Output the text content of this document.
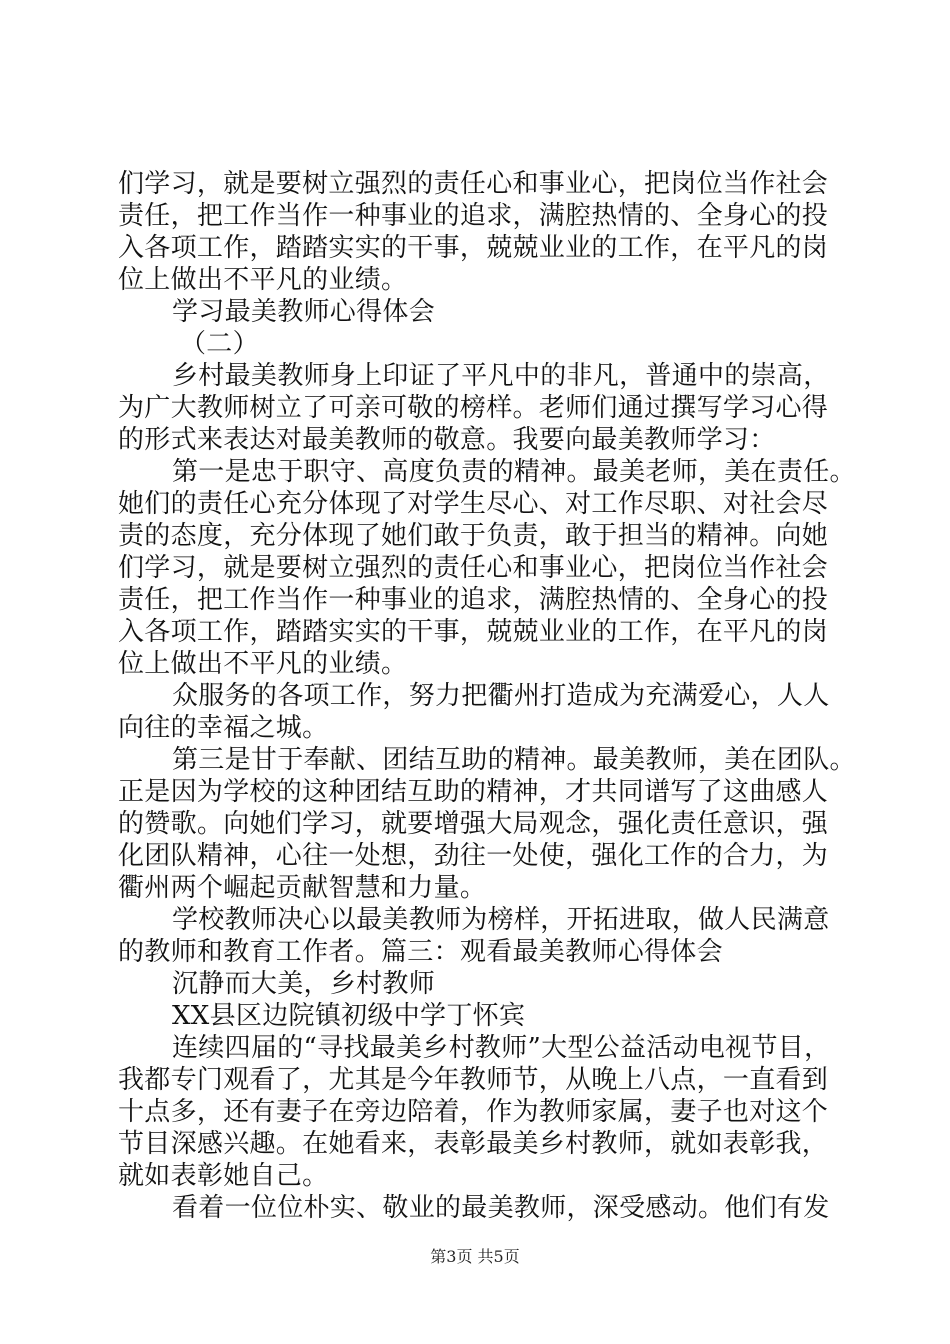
们学习，就是要树立强烈的责任心和事业心，把岗位当作社会
责任，把工作当作一种事业的追求，满腔热情的、全身心的投
入各项工作，踏踏实实的干事，兢兢业业的工作，在平凡的岗
位上做出不平凡的业绩。
学习最美教师心得体会
（二）
乡村最美教师身上印证了平凡中的非凡，普通中的崇高，
为广大教师树立了可亲可敬的榜样。老师们通过撰写学习心得
的形式来表达对最美教师的敬意。我要向最美教师学习：
第一是忠于职守、高度负责的精神。最美老师，美在责任。
她们的责任心充分体现了对学生尽心、对工作尽职、对社会尽
责的态度，充分体现了她们敢于负责，敢于担当的精神。向她
们学习，就是要树立强烈的责任心和事业心，把岗位当作社会
责任，把工作当作一种事业的追求，满腔热情的、全身心的投
入各项工作，踏踏实实的干事，兢兢业业的工作，在平凡的岗
位上做出不平凡的业绩。
众服务的各项工作，努力把衢州打造成为充满爱心，人人
向往的幸福之城。
第三是甘于奉献、团结互助的精神。最美教师，美在团队。
正是因为学校的这种团结互助的精神，才共同谱写了这曲感人
的赞歌。向她们学习，就要增强大局观念，强化责任意识，强
化团队精神，心往一处想，劲往一处使，强化工作的合力，为
衢州两个崛起贡献智慧和力量。
学校教师决心以最美教师为榜样，开拓进取，做人民满意
的教师和教育工作者。篇三：观看最美教师心得体会
沉静而大美，乡村教师
XX县区边院镇初级中学丁怀宾
连续四届的“寻找最美乡村教师”大型公益活动电视节目，
我都专门观看了，尤其是今年教师节，从晚上八点，一直看到
十点多，还有妻子在旁边陪着，作为教师家属，妻子也对这个
节目深感兴趣。在她看来，表彰最美乡村教师，就如表彰我，
就如表彰她自己。
看着一位位朴实、敬业的最美教师，深受感动。他们有发
第3页 共5页
